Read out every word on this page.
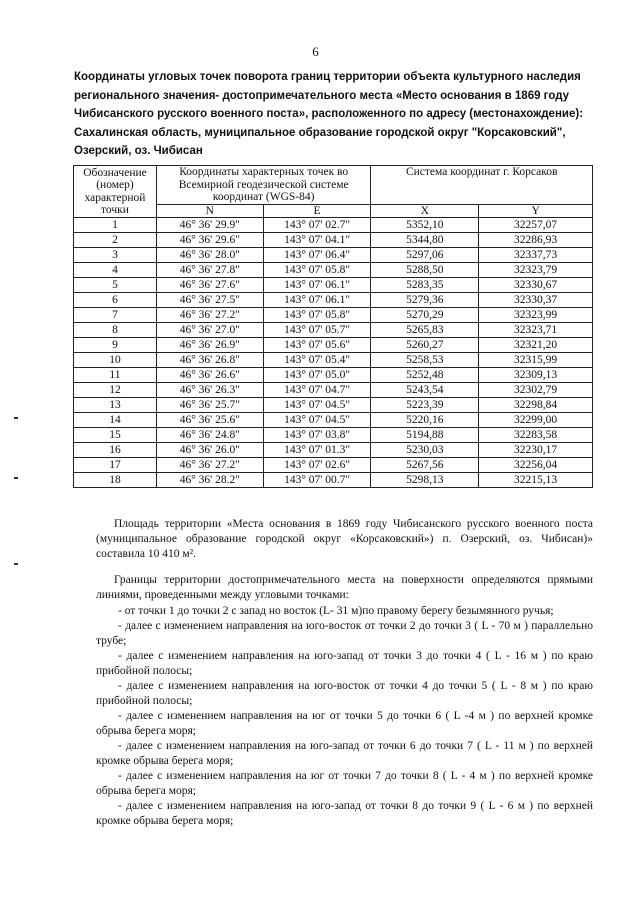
6
Координаты угловых точек поворота границ территории объекта культурного наследия регионального значения- достопримечательного места «Место основания в 1869 году Чибисанского русского военного поста», расположенного по адресу (местонахождение): Сахалинская область, муниципальное образование городской округ "Корсаковский", Озерский, оз. Чибисан
Обозначение (номер) характерной точки	Координаты характерных точек во Всемирной геодезической системе координат (WGS-84)		Система координат г. Корсаков	
	N	E	X	Y
1	46° 36' 29.9"	143° 07' 02.7"	5352,10	32257,07
2	46° 36' 29.6"	143° 07' 04.1"	5344,80	32286,93
3	46° 36' 28.0"	143° 07' 06.4"	5297,06	32337,73
4	46° 36' 27.8"	143° 07' 05.8"	5288,50	32323,79
5	46° 36' 27.6"	143° 07' 06.1"	5283,35	32330,67
6	46° 36' 27.5"	143° 07' 06.1"	5279,36	32330,37
7	46° 36' 27.2"	143° 07' 05.8"	5270,29	32323,99
8	46° 36' 27.0"	143° 07' 05.7"	5265,83	32323,71
9	46° 36' 26.9"	143° 07' 05.6"	5260,27	32321,20
10	46° 36' 26.8"	143° 07' 05.4"	5258,53	32315,99
11	46° 36' 26.6"	143° 07' 05.0"	5252,48	32309,13
12	46° 36' 26.3"	143° 07' 04.7"	5243,54	32302,79
13	46° 36' 25.7"	143° 07' 04.5"	5223,39	32298,84
14	46° 36' 25.6"	143° 07' 04.5"	5220,16	32299,00
15	46° 36' 24.8"	143° 07' 03.8"	5194,88	32283,58
16	46° 36' 26.0"	143° 07' 01.3"	5230,03	32230,17
17	46° 36' 27.2"	143° 07' 02.6"	5267,56	32256,04
18	46° 36' 28.2"	143° 07' 00.7"	5298,13	32215,13
Площадь территории «Места основания в 1869 году Чибисанского русского военного поста (муниципальное образование городской округ «Корсаковский») п. Озерский, оз. Чибисан)» составила 10 410 м².
Границы территории достопримечательного места на поверхности определяются прямыми линиями, проведенными между угловыми точками:
- от точки 1 до точки 2 с запад но восток (L- 31 м)по правому берегу безымянного ручья;
- далее с изменением направления на юго-восток от точки 2 до точки 3 ( L - 70 м ) параллельно трубе;
- далее с изменением направления на юго-запад от точки 3 до точки 4 ( L - 16 м ) по краю прибойной полосы;
- далее с изменением направления на юго-восток от точки 4 до точки 5 ( L - 8 м ) по краю прибойной полосы;
- далее с изменением направления на юг от точки 5 до точки 6 ( L -4 м ) по верхней кромке обрыва берега моря;
- далее с изменением направления на юго-запад от точки 6 до точки 7 ( L - 11 м ) по верхней кромке обрыва берега моря;
- далее с изменением направления на юг от точки 7 до точки 8 ( L - 4 м ) по верхней кромке обрыва берега моря;
- далее с изменением направления на юго-запад от точки 8 до точки 9 ( L - 6 м ) по верхней кромке обрыва берега моря;
